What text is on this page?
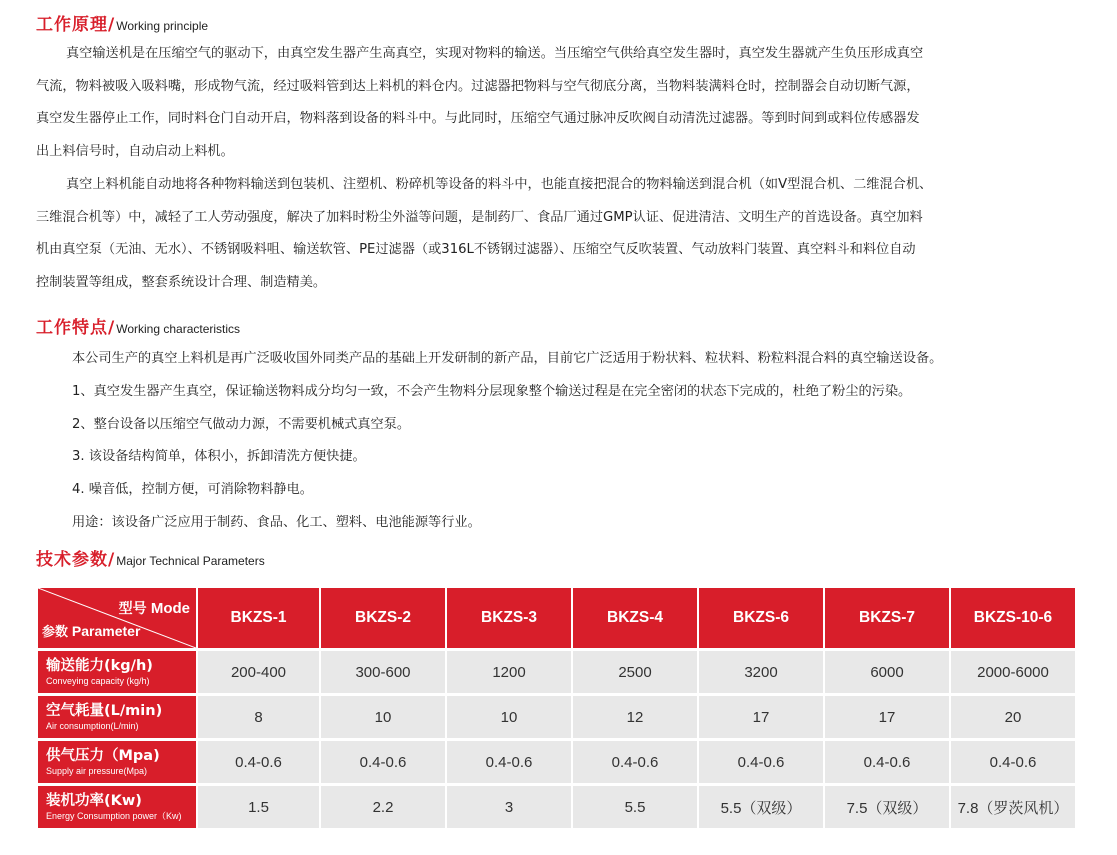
工作原理 / Working principle
真空输送机是在压缩空气的驱动下，由真空发生器产生高真空，实现对物料的输送。当压缩空气供给真空发生器时，真空发生器就产生负压形成真空
气流，物料被吸入吸料嘴，形成物气流，经过吸料管到达上料机的料仓内。过滤器把物料与空气彻底分离，当物料装满料仓时，控制器会自动切断气源，
真空发生器停止工作，同时料仓门自动开启，物料落到设备的料斗中。与此同时，压缩空气通过脉冲反吹阀自动清洗过滤器。等到时间到或料位传感器发
出上料信号时，自动启动上料机。
真空上料机能自动地将各种物料输送到包装机、注塑机、粉碎机等设备的料斗中，也能直接把混合的物料输送到混合机（如V型混合机、二维混合机、
三维混合机等）中，减轻了工人劳动强度，解决了加料时粉尘外溢等问题，是制药厂、食品厂通过GMP认证、促进清洁、文明生产的首选设备。真空加料
机由真空泵（无油、无水）、不锈钢吸料咀、输送软管、PE过滤器（或316L不锈钢过滤器）、压缩空气反吹装置、气动放料门装置、真空料斗和料位自动
控制装置等组成，整套系统设计合理、制造精美。
工作特点 / Working characteristics
本公司生产的真空上料机是再广泛吸收国外同类产品的基础上开发研制的新产品，目前它广泛适用于粉状料、粒状料、粉粒料混合料的真空输送设备。
1、真空发生器产生真空，保证输送物料成分均匀一致，不会产生物料分层现象整个输送过程是在完全密闭的状态下完成的，杜绝了粉尘的污染。
2、整台设备以压缩空气做动力源，不需要机械式真空泵。
3. 该设备结构简单，体积小，拆卸清洗方便快捷。
4. 噪音低，控制方便，可消除物料静电。
用途：该设备广泛应用于制药、食品、化工、塑料、电池能源等行业。
技术参数 / Major Technical Parameters
型号 Mode
参数 Parameter	BKZS-1	BKZS-2	BKZS-3	BKZS-4	BKZS-6	BKZS-7	BKZS-10-6

输送能力(kg/h)
Conveying capacity (kg/h)	200-400	300-600	1200	2500	3200	6000	2000-6000

空气耗量(L/min)
Air consumption(L/min)	8	10	10	12	17	17	20

供气压力（Mpa)
Supply air pressure(Mpa)	0.4-0.6	0.4-0.6	0.4-0.6	0.4-0.6	0.4-0.6	0.4-0.6	0.4-0.6

装机功率(Kw)
Energy Consumption power（Kw)	1.5	2.2	3	5.5	5.5（双级）	7.5（双级）	7.8（罗茨风机）
